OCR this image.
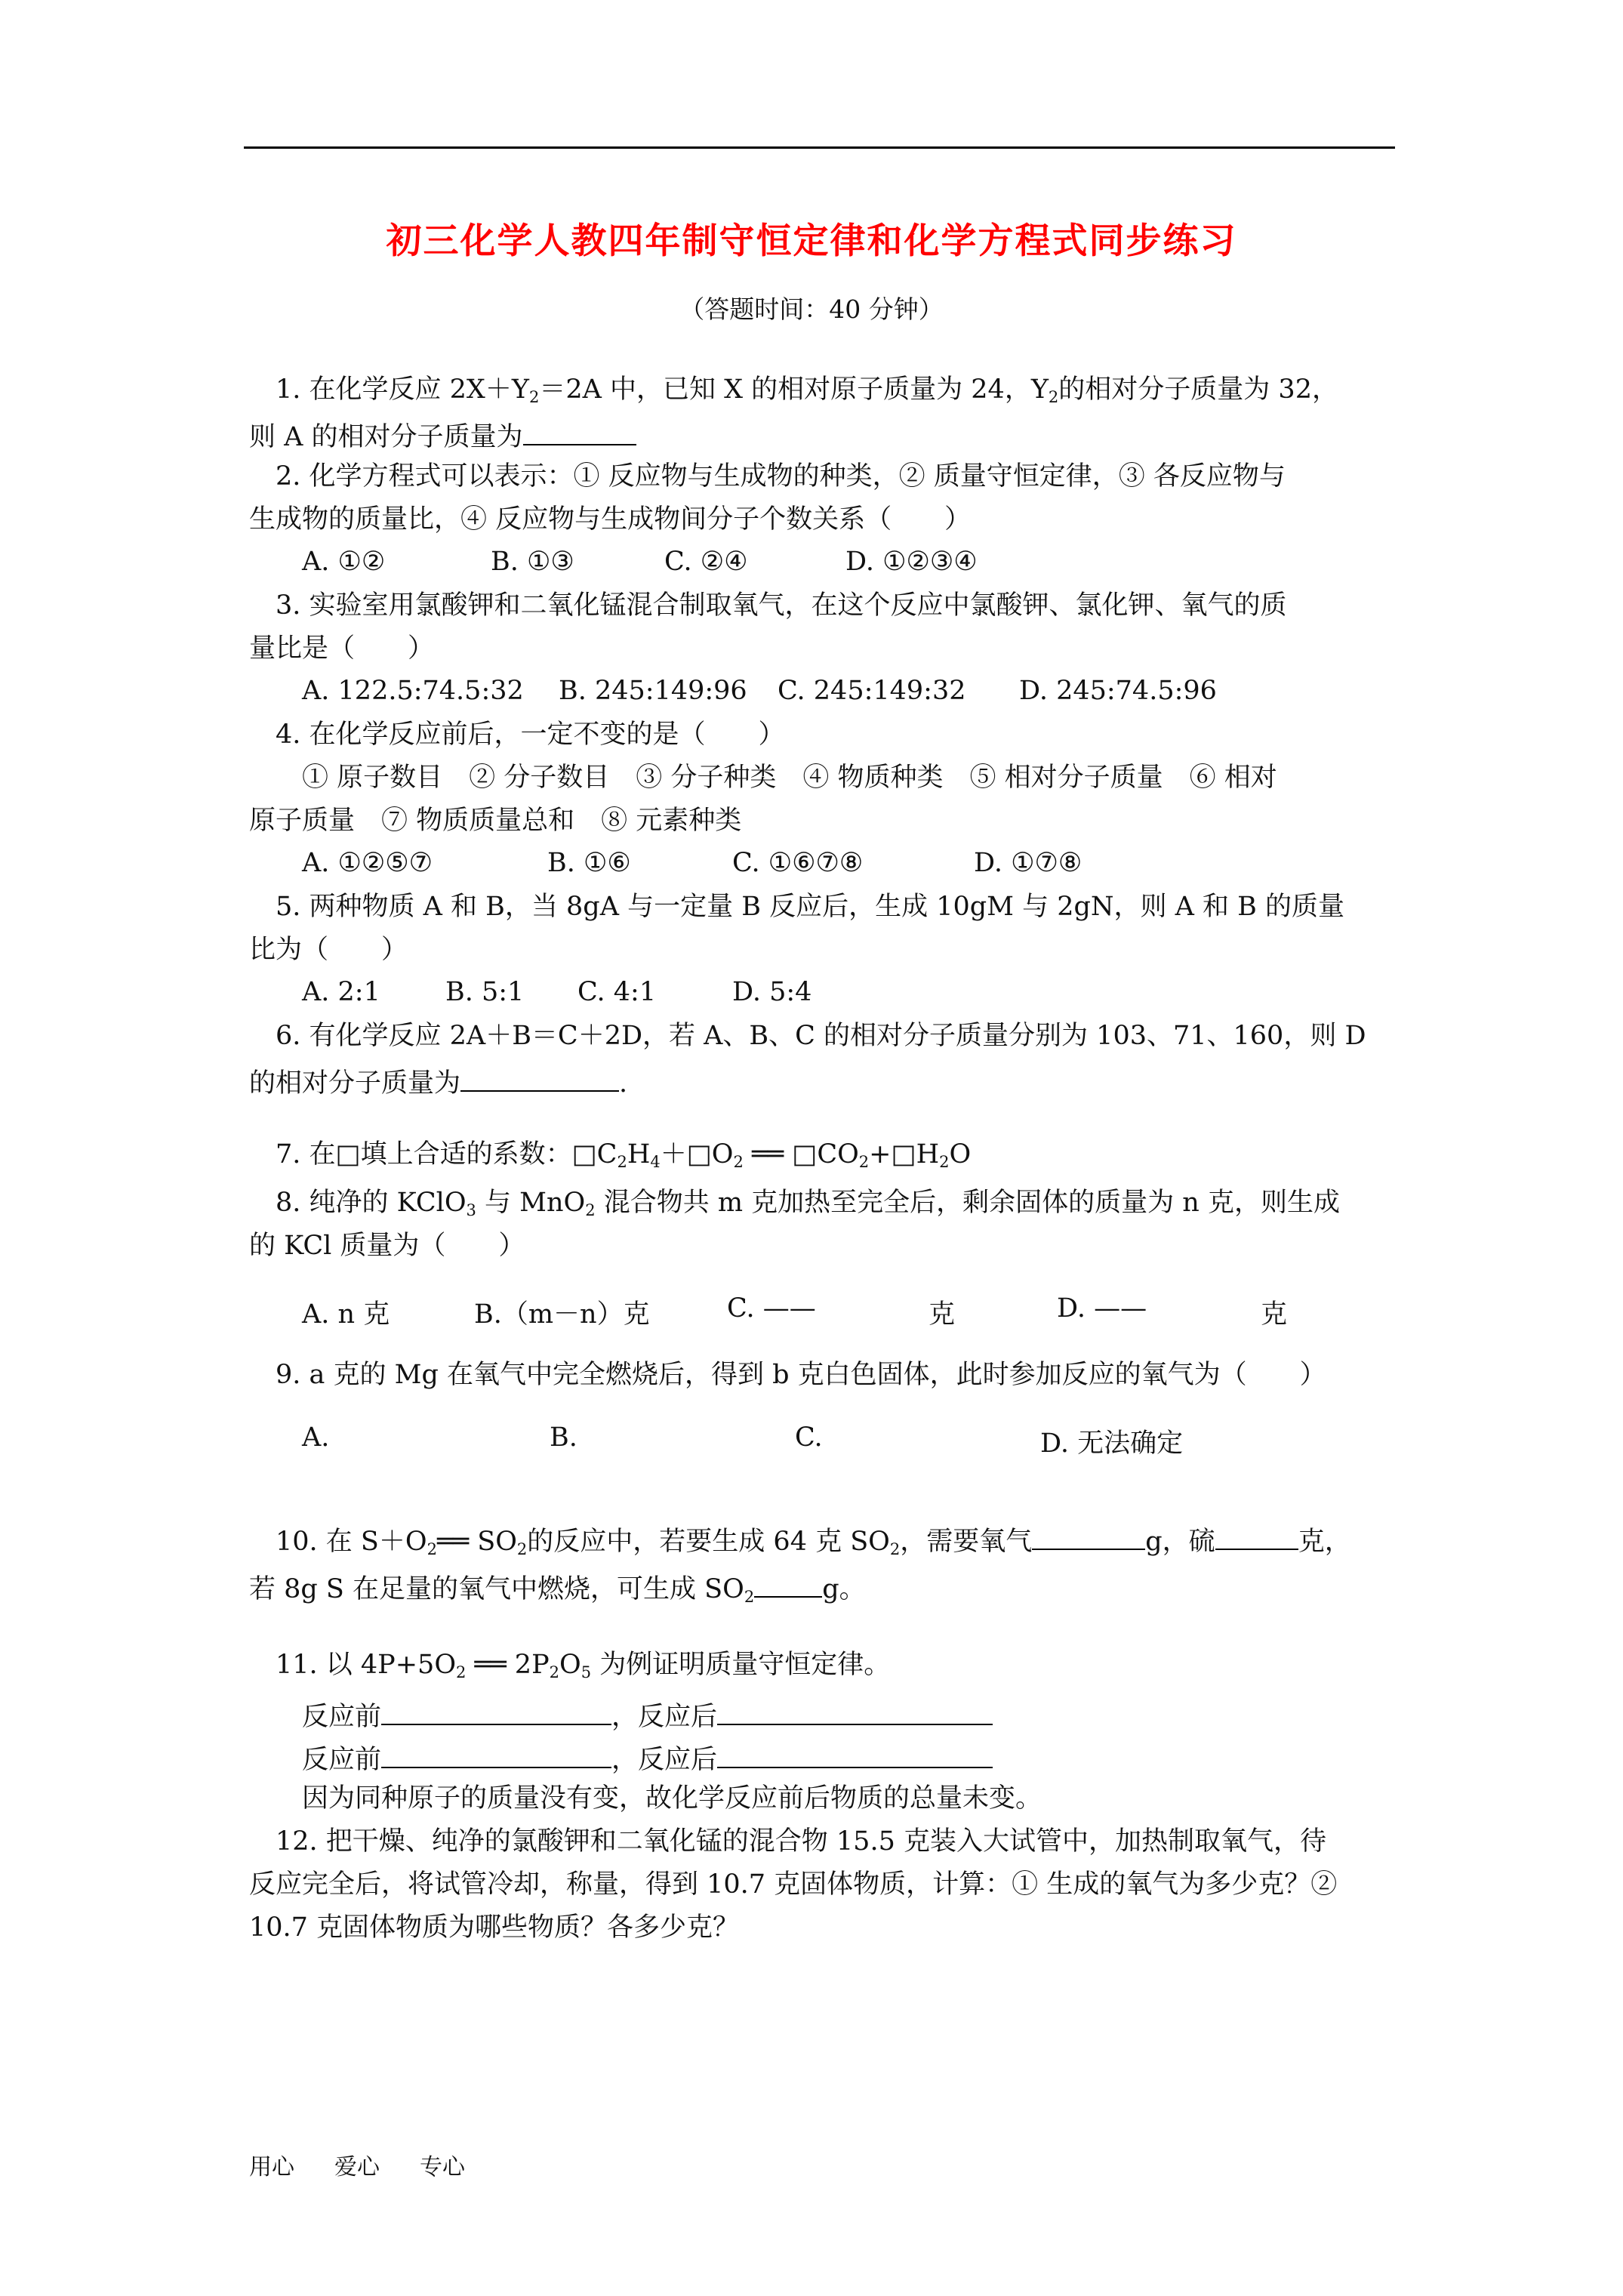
初三化学人教四年制守恒定律和化学方程式同步练习
（答题时间：40 分钟）
1. 在化学反应 $2X+Y_2=2A$ 中，已知 X 的相对原子质量为 24，$Y_2$的相对分子质量为 32，
则 A 的相对分子质量为
2. 化学方程式可以表示：① 反应物与生成物的种类，② 质量守恒定律，③ 各反应物与
生成物的质量比，④ 反应物与生成物间分子个数关系（　　）
A. ①②	B. ①③	C. ②④	D. ①②③④
3. 实验室用氯酸钾和二氧化锰混合制取氧气，在这个反应中氯酸钾、氯化钾、氧气的质
量比是（　　）
A. 122.5:74.5:32 B. 245:149:96 C. 245:149:32 D. 245:74.5:96
4. 在化学反应前后，一定不变的是（　　）
① 原子数目　② 分子数目　③ 分子种类　④ 物质种类　⑤ 相对分子质量　⑥ 相对
原子质量　⑦ 物质质量总和　⑧ 元素种类
A. ①②⑤⑦	B. ①⑥	C. ①⑥⑦⑧	D. ①⑦⑧
5. 两种物质 A 和 B，当 8gA 与一定量 B 反应后，生成 10gM 与 2gN，则 A 和 B 的质量
比为（　　）
A. 2:1 B. 5:1 C. 4:1	D. 5:4
6. 有化学反应 2A＋B＝C＋2D，若 A、B、C 的相对分子质量分别为 103、71、160，则 D
的相对分子质量为	.
7. 在□填上合适的系数：$□C_2H_4+□O_2$ ══ $□CO_2+□H_2O$
8. 纯净的 KClO$_3$ 与 MnO$_2$ 混合物共 m 克加热至完全后，剩余固体的质量为 n 克，则生成
的 KCl 质量为（　　）
A. n 克	B.（m－n）克	C. ——	克	D. ——	克
9. a 克的 Mg 在氧气中完全燃烧后，得到 b 克白色固体，此时参加反应的氧气为（　　）
A.	B.	C.	D. 无法确定
10. 在 $S+O_2══$ $SO_2$的反应中，若要生成 64 克 $SO_2$，需要氧气	g，硫	克，
若 8g S 在足量的氧气中燃烧，可生成 $SO_2$	g。
11. 以 $4P+5O_2$ ══ $2P_2O_5$ 为例证明质量守恒定律。
反应前	，反应后
反应前	，反应后
因为同种原子的质量没有变，故化学反应前后物质的总量未变。
12. 把干燥、纯净的氯酸钾和二氧化锰的混合物 15.5 克装入大试管中，加热制取氧气，待
反应完全后，将试管冷却，称量，得到 10.7 克固体物质，计算：① 生成的氧气为多少克？②
10.7 克固体物质为哪些物质？各多少克？
用心 爱心 专心
